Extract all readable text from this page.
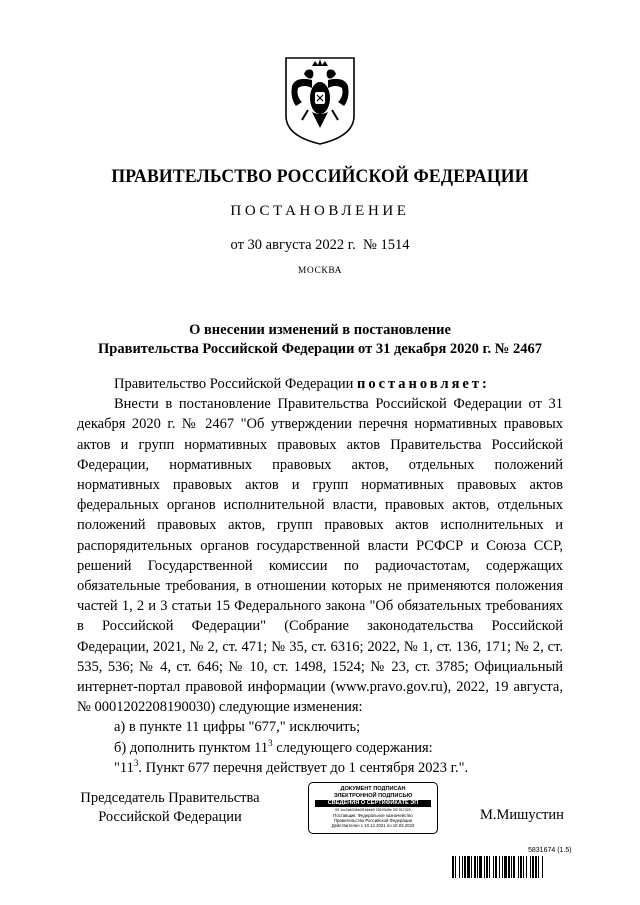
ПРАВИТЕЛЬСТВО РОССИЙСКОЙ ФЕДЕРАЦИИ
ПОСТАНОВЛЕНИЕ
от 30 августа 2022 г. № 1514
МОСКВА
О внесении изменений в постановление
Правительства Российской Федерации от 31 декабря 2020 г. № 2467

Правительство Российской Федерации постановляет:

Внести в постановление Правительства Российской Федерации от 31 декабря 2020 г. № 2467 "Об утверждении перечня нормативных правовых актов и групп нормативных правовых актов Правительства Российской Федерации, нормативных правовых актов, отдельных положений нормативных правовых актов и групп нормативных правовых актов федеральных органов исполнительной власти, правовых актов, отдельных положений правовых актов, групп правовых актов исполнительных и распорядительных органов государственной власти РСФСР и Союза ССР, решений Государственной комиссии по радиочастотам, содержащих обязательные требования, в отношении которых не применяются положения частей 1, 2 и 3 статьи 15 Федерального закона "Об обязательных требованиях в Российской Федерации" (Собрание законодательства Российской Федерации, 2021, № 2, ст. 471; № 35, ст. 6316; 2022, № 1, ст. 136, 171; № 2, ст. 535, 536; № 4, ст. 646; № 10, ст. 1498, 1524; № 23, ст. 3785; Официальный интернет-портал правовой информации (www.pravo.gov.ru), 2022, 19 августа, № 0001202208190030) следующие изменения:

а) в пункте 11 цифры "677," исключить;

б) дополнить пунктом $11^3$ следующего содержания:

"$11^3$. Пункт 677 перечня действует до 1 сентября 2023 г.".

Председатель Правительства
Российской Федерации
ДОКУМЕНТ ПОДПИСАН
ЭЛЕКТРОННОЙ ПОДПИСЬЮ
СВЕДЕНИЯ О СЕРТИФИКАТЕ ЭП
00 1cc2a634bb0f1bbbb0 25103d9e 3f2 917420
Поставщик: Федеральное казначейство
Правительство Российской Федерации
Действителен с 10.12.2021 по 10.03.2023
М.Мишустин
5831674 (1.5)
